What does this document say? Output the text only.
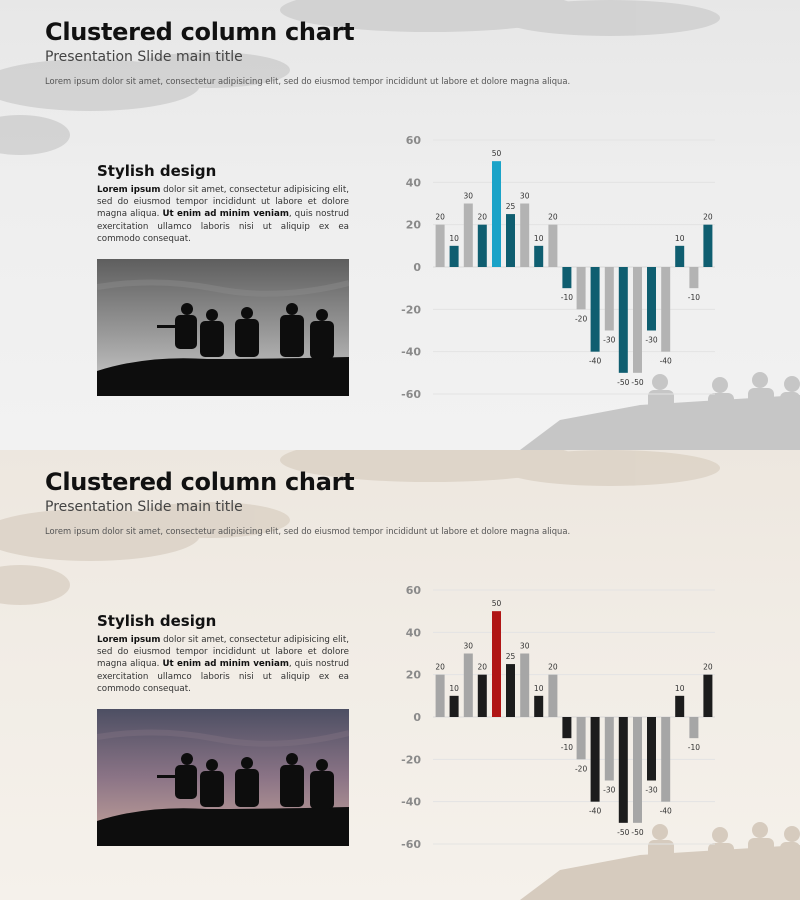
Clustered column chart

Presentation Slide main title

Lorem ipsum dolor sit amet, consectetur adipisicing elit, sed do eiusmod tempor incididunt ut labore et dolore magna aliqua.

Stylish design

Lorem ipsum dolor sit amet, consectetur adipisicing elit, sed do eiusmod tempor incididunt ut labore et dolore magna aliqua. Ut enim ad minim veniam, quis nostrud exercitation ullamco laboris nisi ut aliquip ex ea commodo consequat.

60
40
20
0
-20
-40
-60
20
30
50
30
20
-20
-30
-50
-40
-10
10
20
25
10
-10
-40
-50
-30
10
20
Clustered column chart

Presentation Slide main title

Lorem ipsum dolor sit amet, consectetur adipisicing elit, sed do eiusmod tempor incididunt ut labore et dolore magna aliqua.

Stylish design

Lorem ipsum dolor sit amet, consectetur adipisicing elit, sed do eiusmod tempor incididunt ut labore et dolore magna aliqua. Ut enim ad minim veniam, quis nostrud exercitation ullamco laboris nisi ut aliquip ex ea commodo consequat.

60
40
20
0
-20
-40
-60
20
30
50
30
20
-20
-30
-50
-40
-10
10
20
25
10
-10
-40
-50
-30
10
20
